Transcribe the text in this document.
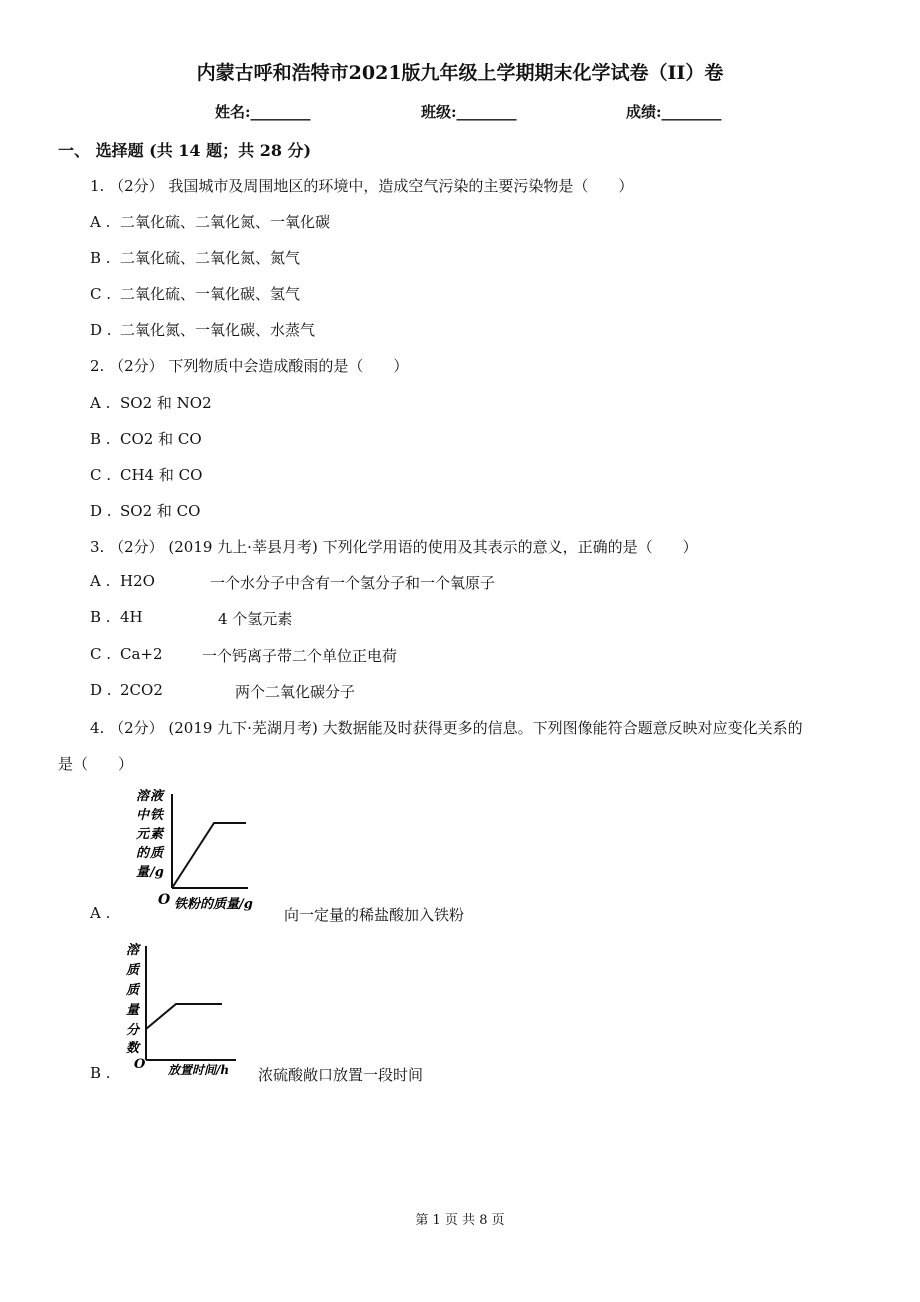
内蒙古呼和浩特市2021版九年级上学期期末化学试卷（II）卷
姓名:________	班级:________	成绩:________
一、 选择题 (共 14 题；共 28 分)
1. （2分） 我国城市及周围地区的环境中，造成空气污染的主要污染物是（　　）
A . 二氧化硫、二氧化氮、一氧化碳
B . 二氧化硫、二氧化氮、氮气
C . 二氧化硫、一氧化碳、氢气
D . 二氧化氮、一氧化碳、水蒸气
2. （2分） 下列物质中会造成酸雨的是（　　）
A . SO2 和 NO2
B . CO2 和 CO
C . CH4 和 CO
D . SO2 和 CO
3. （2分） (2019 九上·莘县月考) 下列化学用语的使用及其表示的意义，正确的是（　　）
A . H2O	一个水分子中含有一个氢分子和一个氧原子
B . 4H	4 个氢元素
C . Ca+2	一个钙离子带二个单位正电荷
D . 2CO2	两个二氧化碳分子
4. （2分） (2019 九下·芜湖月考) 大数据能及时获得更多的信息。下列图像能符合题意反映对应变化关系的
是（　　）
溶 液
中 铁
元 素
的 质
量 /g
O 铁粉的质量/g
A .	向一定量的稀盐酸加入铁粉
溶
质
质
量
分
数
O 放置时间/h
B .	浓硫酸敞口放置一段时间
第 1 页 共 8 页
